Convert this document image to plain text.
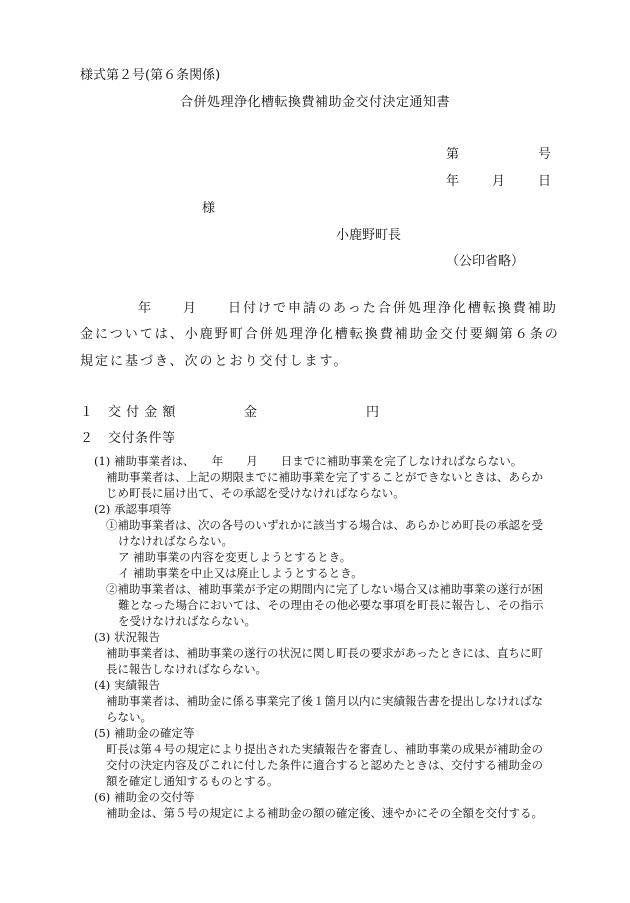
様式第２号(第６条関係)
合併処理浄化槽転換費補助金交付決定通知書
第	号
年	月	日
様
小鹿野町長
（公印省略）
年　　月　　日付けで申請のあった合併処理浄化槽転換費補助
金については、小鹿野町合併処理浄化槽転換費補助金交付要綱第６条の
規定に基づき、次のとおり交付します。
１ 交 付 金 額	金	円
２ 交付条件等
(1) 補助事業者は、　　年　　月　　日までに補助事業を完了しなければならない。
補助事業者は、上記の期限までに補助事業を完了することができないときは、あらか
じめ町長に届け出て、その承認を受けなければならない。
(2) 承認事項等
①補助事業者は、次の各号のいずれかに該当する場合は、あらかじめ町長の承認を受
けなければならない。
ア 補助事業の内容を変更しようとするとき。
イ 補助事業を中止又は廃止しようとするとき。
②補助事業者は、補助事業が予定の期間内に完了しない場合又は補助事業の遂行が困
難となった場合においては、その理由その他必要な事項を町長に報告し、その指示
を受けなければならない。
(3) 状況報告
補助事業者は、補助事業の遂行の状況に関し町長の要求があったときには、直ちに町
長に報告しなければならない。
(4) 実績報告
補助事業者は、補助金に係る事業完了後１箇月以内に実績報告書を提出しなければな
らない。
(5) 補助金の確定等
町長は第４号の規定により提出された実績報告を審査し、補助事業の成果が補助金の
交付の決定内容及びこれに付した条件に適合すると認めたときは、交付する補助金の
額を確定し通知するものとする。
(6) 補助金の交付等
補助金は、第５号の規定による補助金の額の確定後、速やかにその全額を交付する。
